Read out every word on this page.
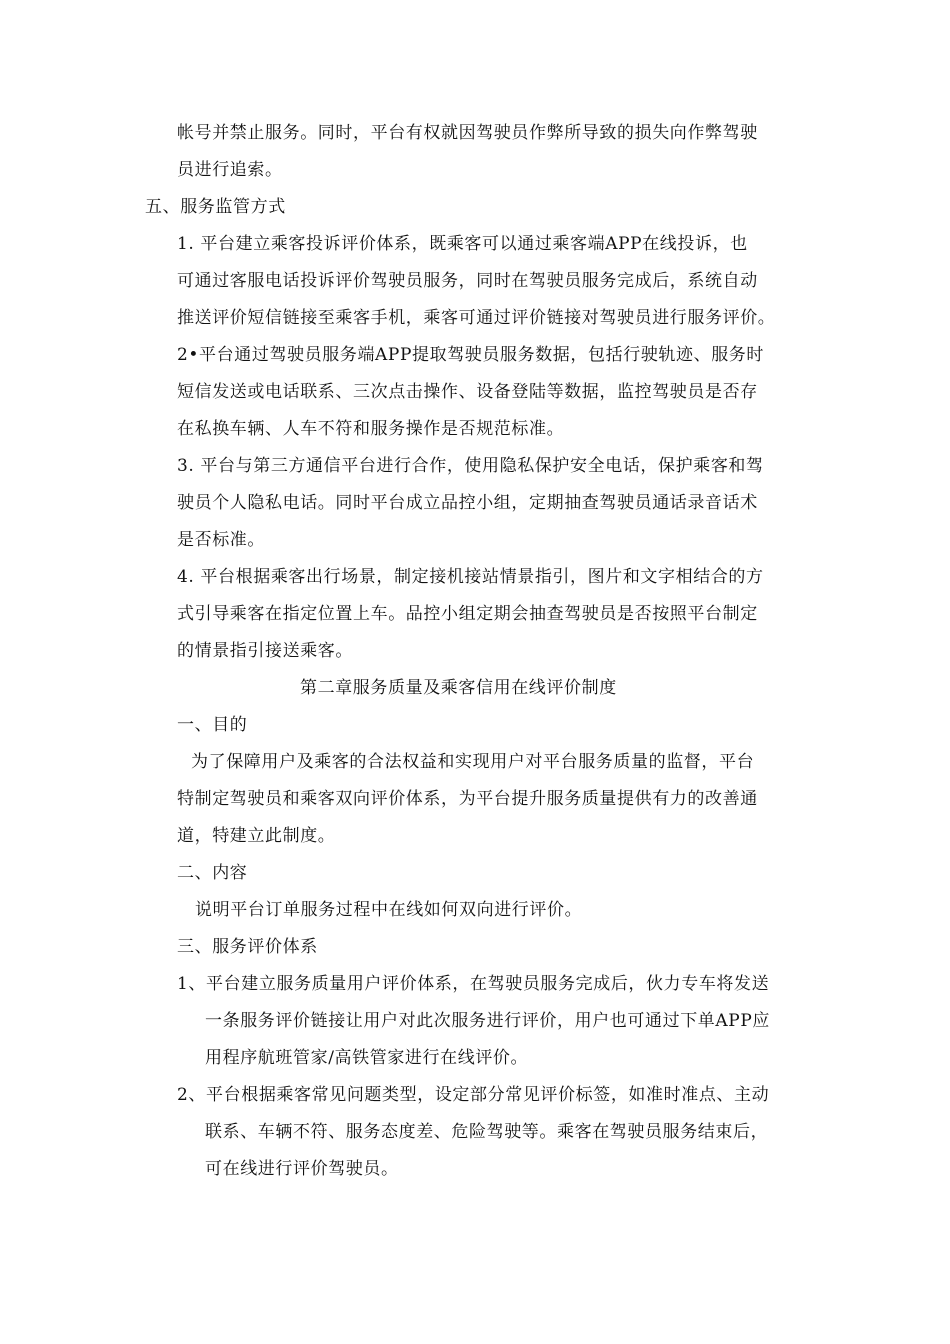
帐号并禁止服务。同时，平台有权就因驾驶员作弊所导致的损失向作弊驾驶
员进行追索。
五、服务监管方式
1. 平台建立乘客投诉评价体系，既乘客可以通过乘客端APP在线投诉，也
可通过客服电话投诉评价驾驶员服务，同时在驾驶员服务完成后，系统自动
推送评价短信链接至乘客手机，乘客可通过评价链接对驾驶员进行服务评价。
2•平台通过驾驶员服务端APP提取驾驶员服务数据，包括行驶轨迹、服务时
短信发送或电话联系、三次点击操作、设备登陆等数据，监控驾驶员是否存
在私换车辆、人车不符和服务操作是否规范标准。
3. 平台与第三方通信平台进行合作，使用隐私保护安全电话，保护乘客和驾
驶员个人隐私电话。同时平台成立品控小组，定期抽查驾驶员通话录音话术
是否标准。
4. 平台根据乘客出行场景，制定接机接站情景指引，图片和文字相结合的方
式引导乘客在指定位置上车。品控小组定期会抽查驾驶员是否按照平台制定
的情景指引接送乘客。
第二章服务质量及乘客信用在线评价制度
一、目的
为了保障用户及乘客的合法权益和实现用户对平台服务质量的监督，平台
特制定驾驶员和乘客双向评价体系，为平台提升服务质量提供有力的改善通
道，特建立此制度。
二、内容
说明平台订单服务过程中在线如何双向进行评价。
三、服务评价体系
1、平台建立服务质量用户评价体系，在驾驶员服务完成后，伙力专车将发送
一条服务评价链接让用户对此次服务进行评价，用户也可通过下单APP应
用程序航班管家/高铁管家进行在线评价。
2、平台根据乘客常见问题类型，设定部分常见评价标签，如准时准点、主动
联系、车辆不符、服务态度差、危险驾驶等。乘客在驾驶员服务结束后，
可在线进行评价驾驶员。
